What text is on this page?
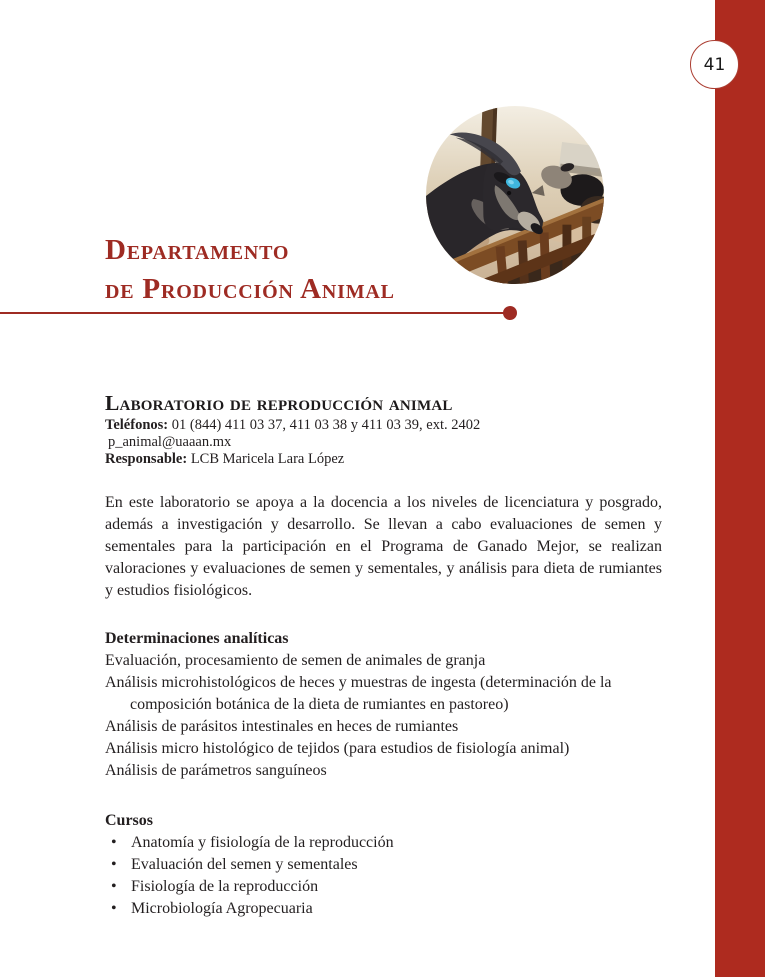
41
Departamento
de Producción Animal
Laboratorio de reproducción animal

Teléfonos: 01 (844) 411 03 37, 411 03 38 y 411 03 39, ext. 2402

p_animal@uaaan.mx

Responsable: LCB Maricela Lara López

En este laboratorio se apoya a la docencia a los niveles de licenciatura y posgrado, además a investigación y desarrollo. Se llevan a cabo evaluaciones de semen y sementales para la participación en el Programa de Ganado Mejor, se realizan valoraciones y evaluaciones de semen y sementales, y análisis para dieta de rumiantes y estudios fisiológicos.

Determinaciones analíticas
Evaluación, procesamiento de semen de animales de granja
Análisis microhistológicos de heces y muestras de ingesta (determinación de la composición botánica de la dieta de rumiantes en pastoreo)
Análisis de parásitos intestinales en heces de rumiantes
Análisis micro histológico de tejidos (para estudios de fisiología animal)
Análisis de parámetros sanguíneos
Cursos
• Anatomía y fisiología de la reproducción
• Evaluación del semen y sementales
• Fisiología de la reproducción
• Microbiología Agropecuaria
